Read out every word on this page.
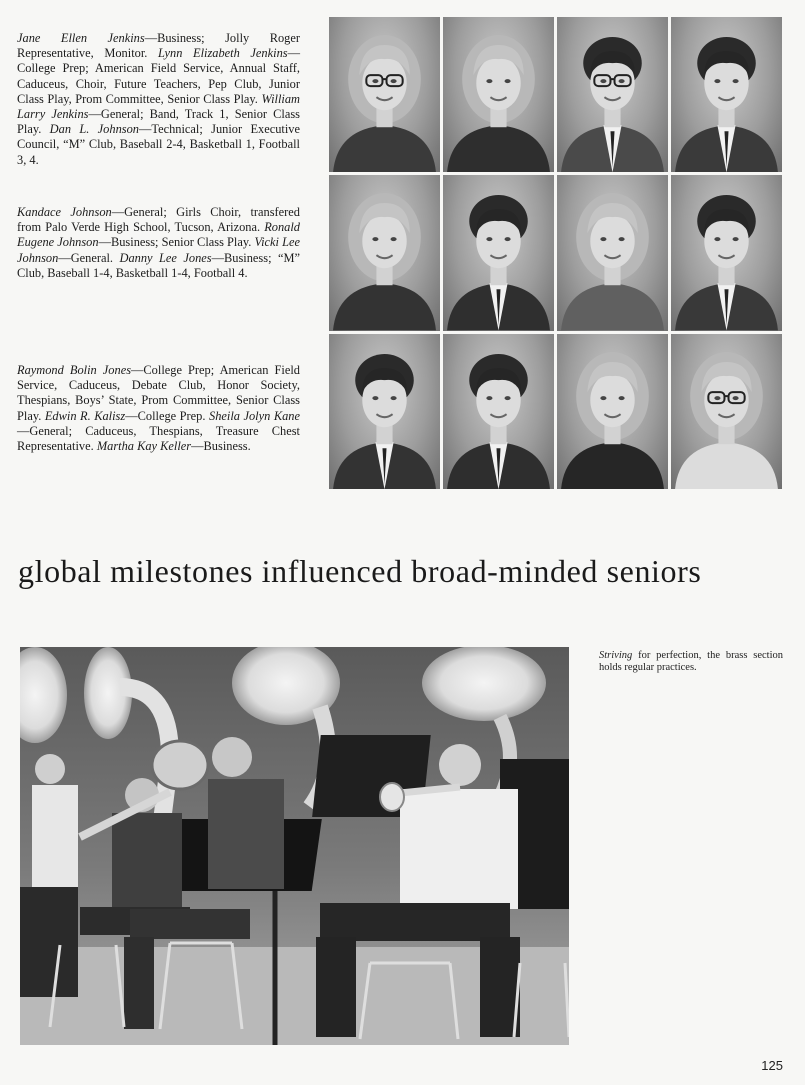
Jane Ellen Jenkins—Business; Jolly Roger Representative, Monitor. Lynn Elizabeth Jenkins—College Prep; American Field Service, Annual Staff, Caduceus, Choir, Future Teachers, Pep Club, Junior Class Play, Prom Committee, Senior Class Play. William Larry Jenkins—General; Band, Track 1, Senior Class Play. Dan L. Johnson—Technical; Junior Executive Council, “M” Club, Baseball 2-4, Basketball 1, Football 3, 4.
Kandace Johnson—General; Girls Choir, transfered from Palo Verde High School, Tucson, Arizona. Ronald Eugene Johnson—Business; Senior Class Play. Vicki Lee Johnson—General. Danny Lee Jones—Business; “M” Club, Baseball 1-4, Basketball 1-4, Football 4.
Raymond Bolin Jones—College Prep; American Field Service, Caduceus, Debate Club, Honor Society, Thespians, Boys’ State, Prom Committee, Senior Class Play. Edwin R. Kalisz—College Prep. Sheila Jolyn Kane—General; Caduceus, Thespians, Treasure Chest Representative. Martha Kay Keller—Business.
global milestones influenced broad-minded seniors
Striving for perfection, the brass section holds regular practices.
125
